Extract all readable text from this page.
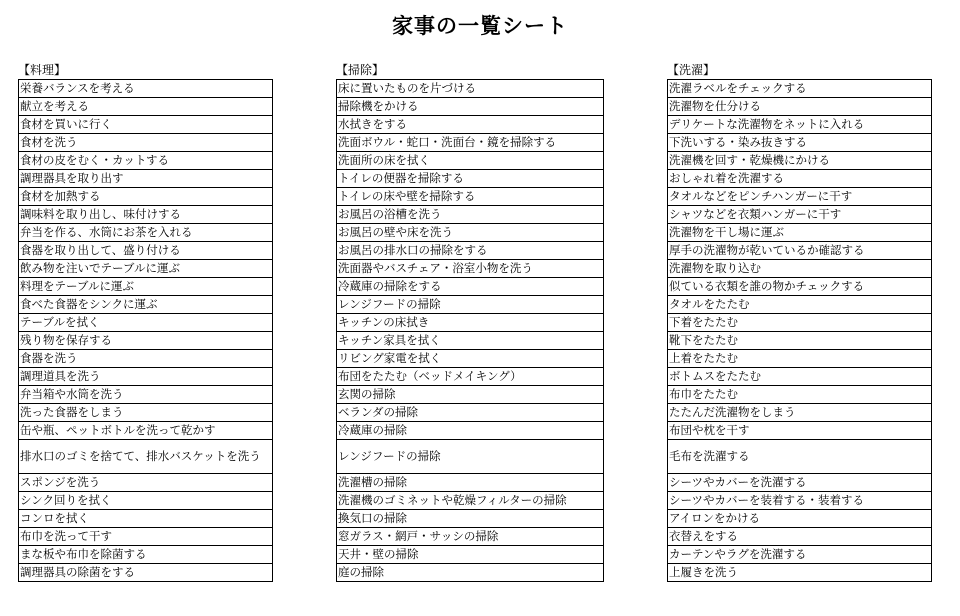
家事の一覧シート
【料理】
栄養バランスを考える
献立を考える
食材を買いに行く
食材を洗う
食材の皮をむく・カットする
調理器具を取り出す
食材を加熱する
調味料を取り出し、味付けする
弁当を作る、水筒にお茶を入れる
食器を取り出して、盛り付ける
飲み物を注いでテーブルに運ぶ
料理をテーブルに運ぶ
食べた食器をシンクに運ぶ
テーブルを拭く
残り物を保存する
食器を洗う
調理道具を洗う
弁当箱や水筒を洗う
洗った食器をしまう
缶や瓶、ペットボトルを洗って乾かす
排水口のゴミを捨てて、排水バスケットを洗う
スポンジを洗う
シンク回りを拭く
コンロを拭く
布巾を洗って干す
まな板や布巾を除菌する
調理器具の除菌をする
【掃除】
床に置いたものを片づける
掃除機をかける
水拭きをする
洗面ボウル・蛇口・洗面台・鏡を掃除する
洗面所の床を拭く
トイレの便器を掃除する
トイレの床や壁を掃除する
お風呂の浴槽を洗う
お風呂の壁や床を洗う
お風呂の排水口の掃除をする
洗面器やバスチェア・浴室小物を洗う
冷蔵庫の掃除をする
レンジフードの掃除
キッチンの床拭き
キッチン家具を拭く
リビング家電を拭く
布団をたたむ（ベッドメイキング）
玄関の掃除
ベランダの掃除
冷蔵庫の掃除
レンジフードの掃除
洗濯槽の掃除
洗濯機のゴミネットや乾燥フィルターの掃除
換気口の掃除
窓ガラス・網戸・サッシの掃除
天井・壁の掃除
庭の掃除
【洗濯】
洗濯ラベルをチェックする
洗濯物を仕分ける
デリケートな洗濯物をネットに入れる
下洗いする・染み抜きする
洗濯機を回す・乾燥機にかける
おしゃれ着を洗濯する
タオルなどをピンチハンガーに干す
シャツなどを衣類ハンガーに干す
洗濯物を干し場に運ぶ
厚手の洗濯物が乾いているか確認する
洗濯物を取り込む
似ている衣類を誰の物かチェックする
タオルをたたむ
下着をたたむ
靴下をたたむ
上着をたたむ
ボトムスをたたむ
布巾をたたむ
たたんだ洗濯物をしまう
布団や枕を干す
毛布を洗濯する
シーツやカバーを洗濯する
シーツやカバーを装着する・装着する
アイロンをかける
衣替えをする
カーテンやラグを洗濯する
上履きを洗う
